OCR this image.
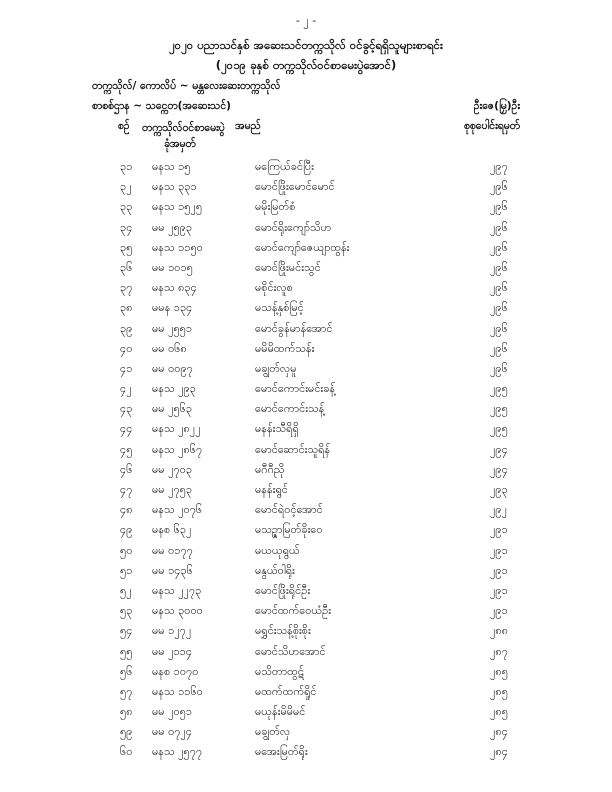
- ၂ -
၂၀၂၀ ပညာသင်နှစ် အဆေးသင်တက္ကသိုလ် ဝင်ခွင့်ရရှိသူများစာရင်း
(၂၀၁၉ ခုနှစ် တက္ကသိုလ်ဝင်စာမေးပွဲအောင်)
တက္ကသိုလ်/ ကောလိပ် ~ မန္တလေးဆေးတက္ကသိုလ်
စာစစ်ဌာန ~ သင္ကေတ(အဆေးသင်)	ဦးဇေ(မြှ)ဦး
စဉ် တက္ကသိုလ်ဝင်စာမေးပွဲ
ခုံအမှတ်
အမည်	စုစုပေါင်းရမှတ်
၃၁ မနသ ၁၅	မကြေယ်ခင်ပြီး	၂၉၇
၃၂ မနသ ၃၃၁	မောင်ဖြိုးမောင်မောင်	၂၉၆
၃၃ မနသ ၁၅၂၅	မမိုးမြတ်စံ	၂၉၆
၃၄ မမ ၂၅၉၃	မောင်ရိုးကျော်သိဟ	၂၉၆
၃၅ မနသ ၁၁၅၀	မောင်ကျော်ဇေယျာထွန်း	၂၉၆
၃၆ မမ ၁၀၁၅	မောင်ဖြိုးမင်းသွင်	၂၉၆
၃၇ မနသ ၈၃၄	မစိုင်းလူစ	၂၉၆
၃၈ မမန ၁၃၄	မသန့်နှစ်မြင့်	၂၉၆
၃၉ မမ ၂၅၅၁	မောင်ခွန်မာန်အောင်	၂၉၆
၄၀ မမ ၀၆၈	မမိမိထက်သန်း	၂၉၆
၄၁ မမ ၀၀၉၇	မချွတ်လှမူ	၂၉၆
၄၂ မနသ ၂၉၃	မောင်ကောင်းမင်းခန့်	၂၉၅
၄၃ မမ ၂၅၆၃	မောင်ကောင်းသန့်	၂၉၅
၄၄ မနသ ၂၈၂၂	မနန်းသီရိရှိ	၂၉၅
၄၅ မနသ ၂၈၆၇	မောင်ဆောင်းသူရိန်	၂၉၄
၄၆ မမ ၂၇၀၃	မဂီဂီညို	၂၉၄
၄၇ မမ ၂၇၅၃	မနန်းရွင်	၂၉၃
၄၈ မနသ ၂၀၇၆	မောင်ရဲဝင့်အောင်	၂၉၂
၄၉ မနစ ၆၃၂	မသဉ္ဇာမြတ်ခိုးဝေ	၂၉၁
၅၀ မမ ၀၁၇၇	မယယုရွယ်	၂၉၁
၅၁ မမ ၁၄၃၆	မနွယ်ဝါရိုး	၂၉၁
၅၂ မနသ ၂၂၇၃	မောင်ဖြိုးရိုင်ဦး	၂၉၁
၅၃ မနသ ၃၀၀၀	မောင်ထက်ဝေယံဦး	၂၉၁
၅၄ မမ ၁၂၇၂	မရွှင်းသန့်စိုးစိုး	၂၈၈
၅၅ မမ ၂၁၁၄	မောင်သိဟအောင်	၂၈၇
၅၆ မနစ ၁၀၇၀	မသိတာထွဋ်	၂၈၅
၅၇ မနသ ၁၁၆၀	မထက်ထက်ရှိုင်	၂၈၅
၅၈ မမ ၂၀၅၁	မယုန်းမိမိမင်	၂၈၅
၅၉ မမ ၀၇၂၄	မချွတ်လှ	၂၈၄
၆၀ မနသ ၂၅၇၇	မအေးမြတ်ရိုး	၂၈၄
